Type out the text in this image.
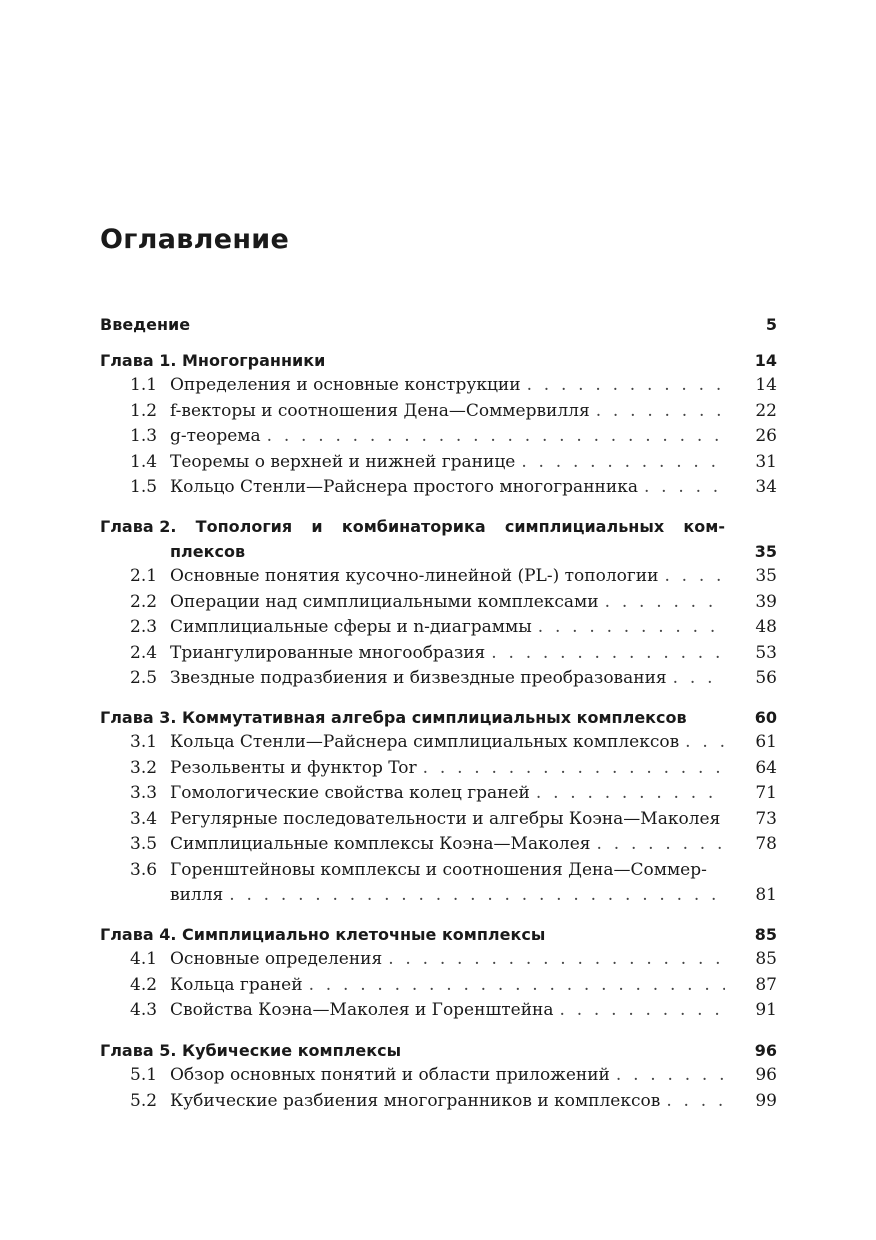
Оглавление
Введение	5
Глава 1. Многогранники	14
1.1 Определения и основные конструкции . . .	14
1.2 f-векторы и соотношения Дена—Соммервилля . . .	22
1.3 g-теорема . . .	26
1.4 Теоремы о верхней и нижней границе . . .	31
1.5 Кольцо Стенли—Райснера простого многогранника . . .	34
Глава 2. Топология и комбинаторика симплициальных ком-
плексов	35
2.1 Основные понятия кусочно-линейной (PL-) топологии . . .	35
2.2 Операции над симплициальными комплексами . . .	39
2.3 Симплициальные сферы и n-диаграммы . . .	48
2.4 Триангулированные многообразия . . .	53
2.5 Звездные подразбиения и бизвездные преобразования . . .	56
Глава 3. Коммутативная алгебра симплициальных комплексов	60
3.1 Кольца Стенли—Райснера симплициальных комплексов . . .	61
3.2 Резольвенты и функтор Tor . . .	64
3.3 Гомологические свойства колец граней . . .	71
3.4 Регулярные последовательности и алгебры Коэна—Маколея 73
3.5 Симплициальные комплексы Коэна—Маколея . . .	78
3.6 Горенштейновы комплексы и соотношения Дена—Соммер-
вилля . . .	81
Глава 4. Симплициально клеточные комплексы	85
4.1 Основные определения . . .	85
4.2 Кольца граней . . .	87
4.3 Свойства Коэна—Маколея и Горенштейна . . .	91
Глава 5. Кубические комплексы	96
5.1 Обзор основных понятий и области приложений . . .	96
5.2 Кубические разбиения многогранников и комплексов . . .	99
